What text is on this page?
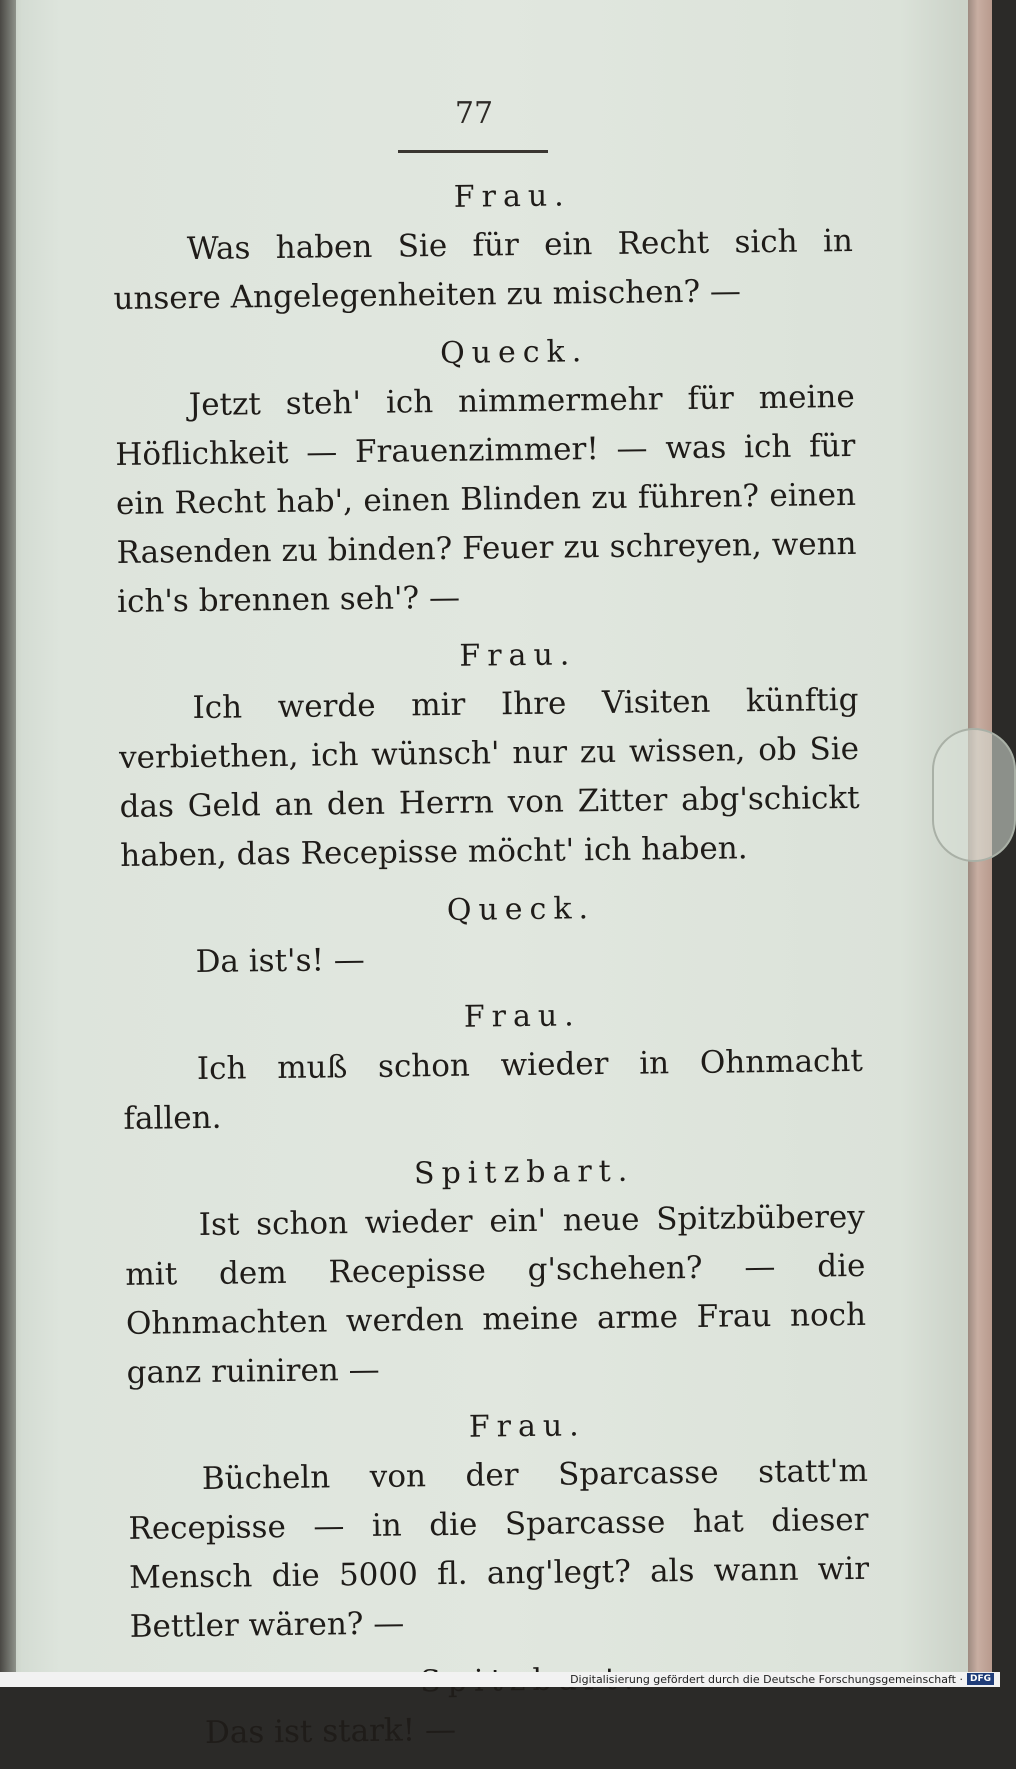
77
Frau.

Was haben Sie für ein Recht sich in unsere Angelegenheiten zu mischen? —

Queck.

Jetzt steh' ich nimmermehr für meine Höflichkeit — Frauenzimmer! — was ich für ein Recht hab', einen Blinden zu führen? einen Rasenden zu binden? Feuer zu schreyen, wenn ich's brennen seh'? —

Frau.

Ich werde mir Ihre Visiten künftig verbiethen, ich wünsch' nur zu wissen, ob Sie das Geld an den Herrn von Zitter abg'schickt haben, das Recepisse möcht' ich haben.

Queck.

Da ist's! —

Frau.

Ich muß schon wieder in Ohnmacht fallen.

Spitzbart.

Ist schon wieder ein' neue Spitzbüberey mit dem Recepisse g'schehen? — die Ohnmachten werden meine arme Frau noch ganz ruiniren —

Frau.

Bücheln von der Sparcasse statt'm Recepisse — in die Sparcasse hat dieser Mensch die 5000 fl. ang'legt? als wann wir Bettler wären? —

Das ist stark! —

Digitalisierung gefördert durch die Deutsche Forschungsgemeinschaft · DFG
